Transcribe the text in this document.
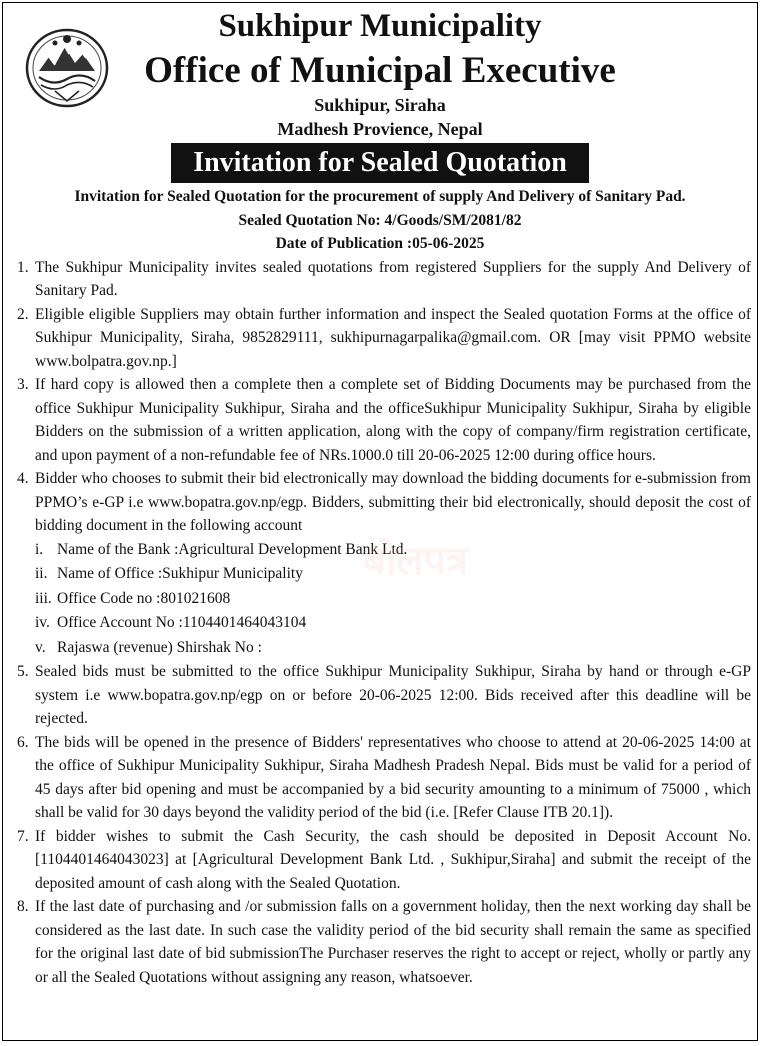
Sukhipur Municipality
Office of Municipal Executive
Sukhipur, Siraha
Madhesh Provience, Nepal
Invitation for Sealed Quotation
Invitation for Sealed Quotation for the procurement of supply And Delivery of Sanitary Pad.
Sealed Quotation No: 4/Goods/SM/2081/82
Date of Publication :05-06-2025
1. The Sukhipur Municipality invites sealed quotations from registered Suppliers for the supply And Delivery of Sanitary Pad.
2. Eligible eligible Suppliers may obtain further information and inspect the Sealed quotation Forms at the office of Sukhipur Municipality, Siraha, 9852829111, sukhipurnagarpalika@gmail.com. OR [may visit PPMO website www.bolpatra.gov.np.]
3. If hard copy is allowed then a complete then a complete set of Bidding Documents may be purchased from the office Sukhipur Municipality Sukhipur, Siraha and the officeSukhipur Municipality Sukhipur, Siraha by eligible Bidders on the submission of a written application, along with the copy of company/firm registration certificate, and upon payment of a non-refundable fee of NRs.1000.0 till 20-06-2025 12:00 during office hours.
4. Bidder who chooses to submit their bid electronically may download the bidding documents for e-submission from PPMO’s e-GP i.e www.bopatra.gov.np/egp. Bidders, submitting their bid electronically, should deposit the cost of bidding document in the following account
i. Name of the Bank :Agricultural Development Bank Ltd.
ii. Name of Office :Sukhipur Municipality
iii. Office Code no :801021608
iv. Office Account No :1104401464043104
v. Rajaswa (revenue) Shirshak No :
5. Sealed bids must be submitted to the office Sukhipur Municipality Sukhipur, Siraha by hand or through e-GP system i.e www.bopatra.gov.np/egp on or before 20-06-2025 12:00. Bids received after this deadline will be rejected.
6. The bids will be opened in the presence of Bidders' representatives who choose to attend at 20-06-2025 14:00 at the office of Sukhipur Municipality Sukhipur, Siraha Madhesh Pradesh Nepal. Bids must be valid for a period of 45 days after bid opening and must be accompanied by a bid security amounting to a minimum of 75000 , which shall be valid for 30 days beyond the validity period of the bid (i.e. [Refer Clause ITB 20.1]).
7. If bidder wishes to submit the Cash Security, the cash should be deposited in Deposit Account No.[1104401464043023] at [Agricultural Development Bank Ltd. , Sukhipur,Siraha] and submit the receipt of the deposited amount of cash along with the Sealed Quotation.
8. If the last date of purchasing and /or submission falls on a government holiday, then the next working day shall be considered as the last date. In such case the validity period of the bid security shall remain the same as specified for the original last date of bid submissionThe Purchaser reserves the right to accept or reject, wholly or partly any or all the Sealed Quotations without assigning any reason, whatsoever.
बोलपत्र
